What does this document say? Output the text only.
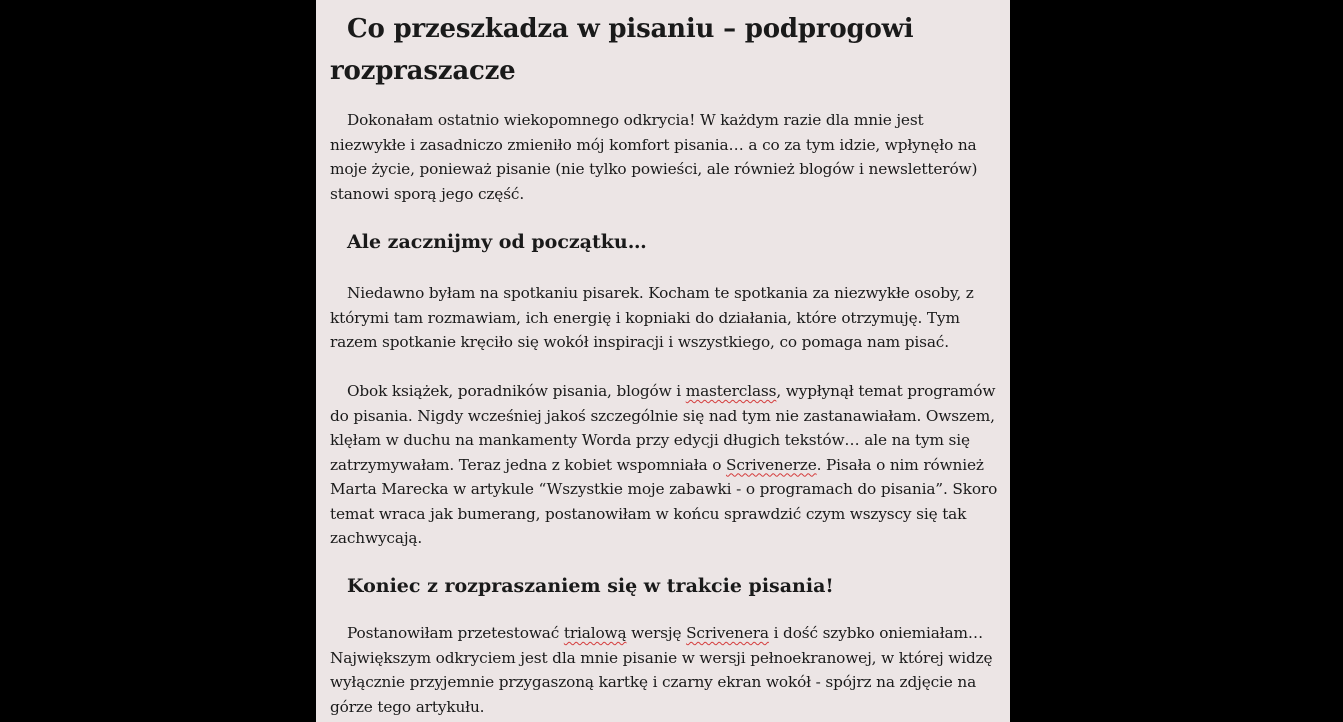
Co przeszkadza w pisaniu – podprogowi rozpraszacze

Dokonałam ostatnio wiekopomnego odkrycia! W każdym razie dla mnie jest niezwykłe i zasadniczo zmieniło mój komfort pisania… a co za tym idzie, wpłynęło na moje życie, ponieważ pisanie (nie tylko powieści, ale również blogów i newsletterów) stanowi sporą jego część.

Ale zacznijmy od początku…

Niedawno byłam na spotkaniu pisarek. Kocham te spotkania za niezwykłe osoby, z którymi tam rozmawiam, ich energię i kopniaki do działania, które otrzymuję. Tym razem spotkanie kręciło się wokół inspiracji i wszystkiego, co pomaga nam pisać.

Obok książek, poradników pisania, blogów i masterclass, wypłynął temat programów do pisania. Nigdy wcześniej jakoś szczególnie się nad tym nie zastanawiałam. Owszem, klęłam w duchu na mankamenty Worda przy edycji długich tekstów… ale na tym się zatrzymywałam. Teraz jedna z kobiet wspomniała o Scrivenerze. Pisała o nim również Marta Marecka w artykule “Wszystkie moje zabawki - o programach do pisania”. Skoro temat wraca jak bumerang, postanowiłam w końcu sprawdzić czym wszyscy się tak zachwycają.

Koniec z rozpraszaniem się w trakcie pisania!

Postanowiłam przetestować trialową wersję Scrivenera i dość szybko oniemiałam… Największym odkryciem jest dla mnie pisanie w wersji pełnoekranowej, w której widzę wyłącznie przyjemnie przygaszoną kartkę i czarny ekran wokół - spójrz na zdjęcie na górze tego artykułu.
